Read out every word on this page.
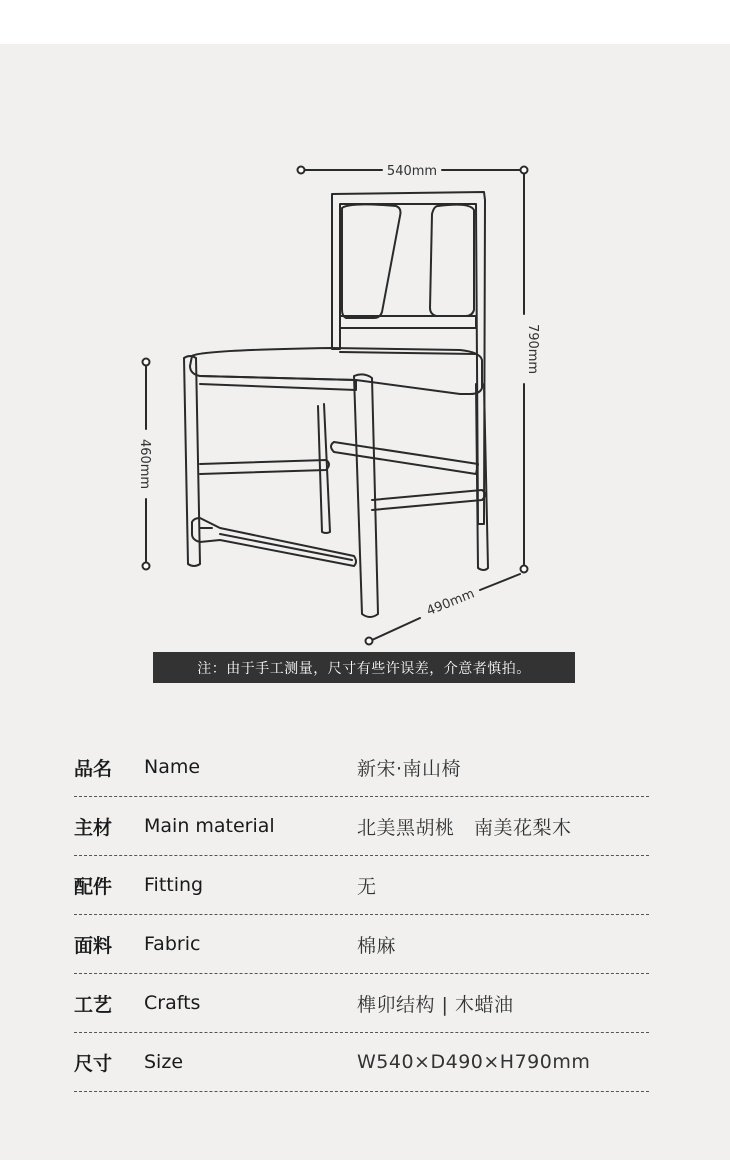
540mm
790mm
460mm
490mm
注：由于手工测量，尺寸有些许误差，介意者慎拍。
品名	Name	新宋·南山椅
主材	Main material	北美黑胡桃　南美花梨木
配件	Fitting	无
面料	Fabric	棉麻
工艺	Crafts	榫卯结构 | 木蜡油
尺寸	Size	W540×D490×H790mm
